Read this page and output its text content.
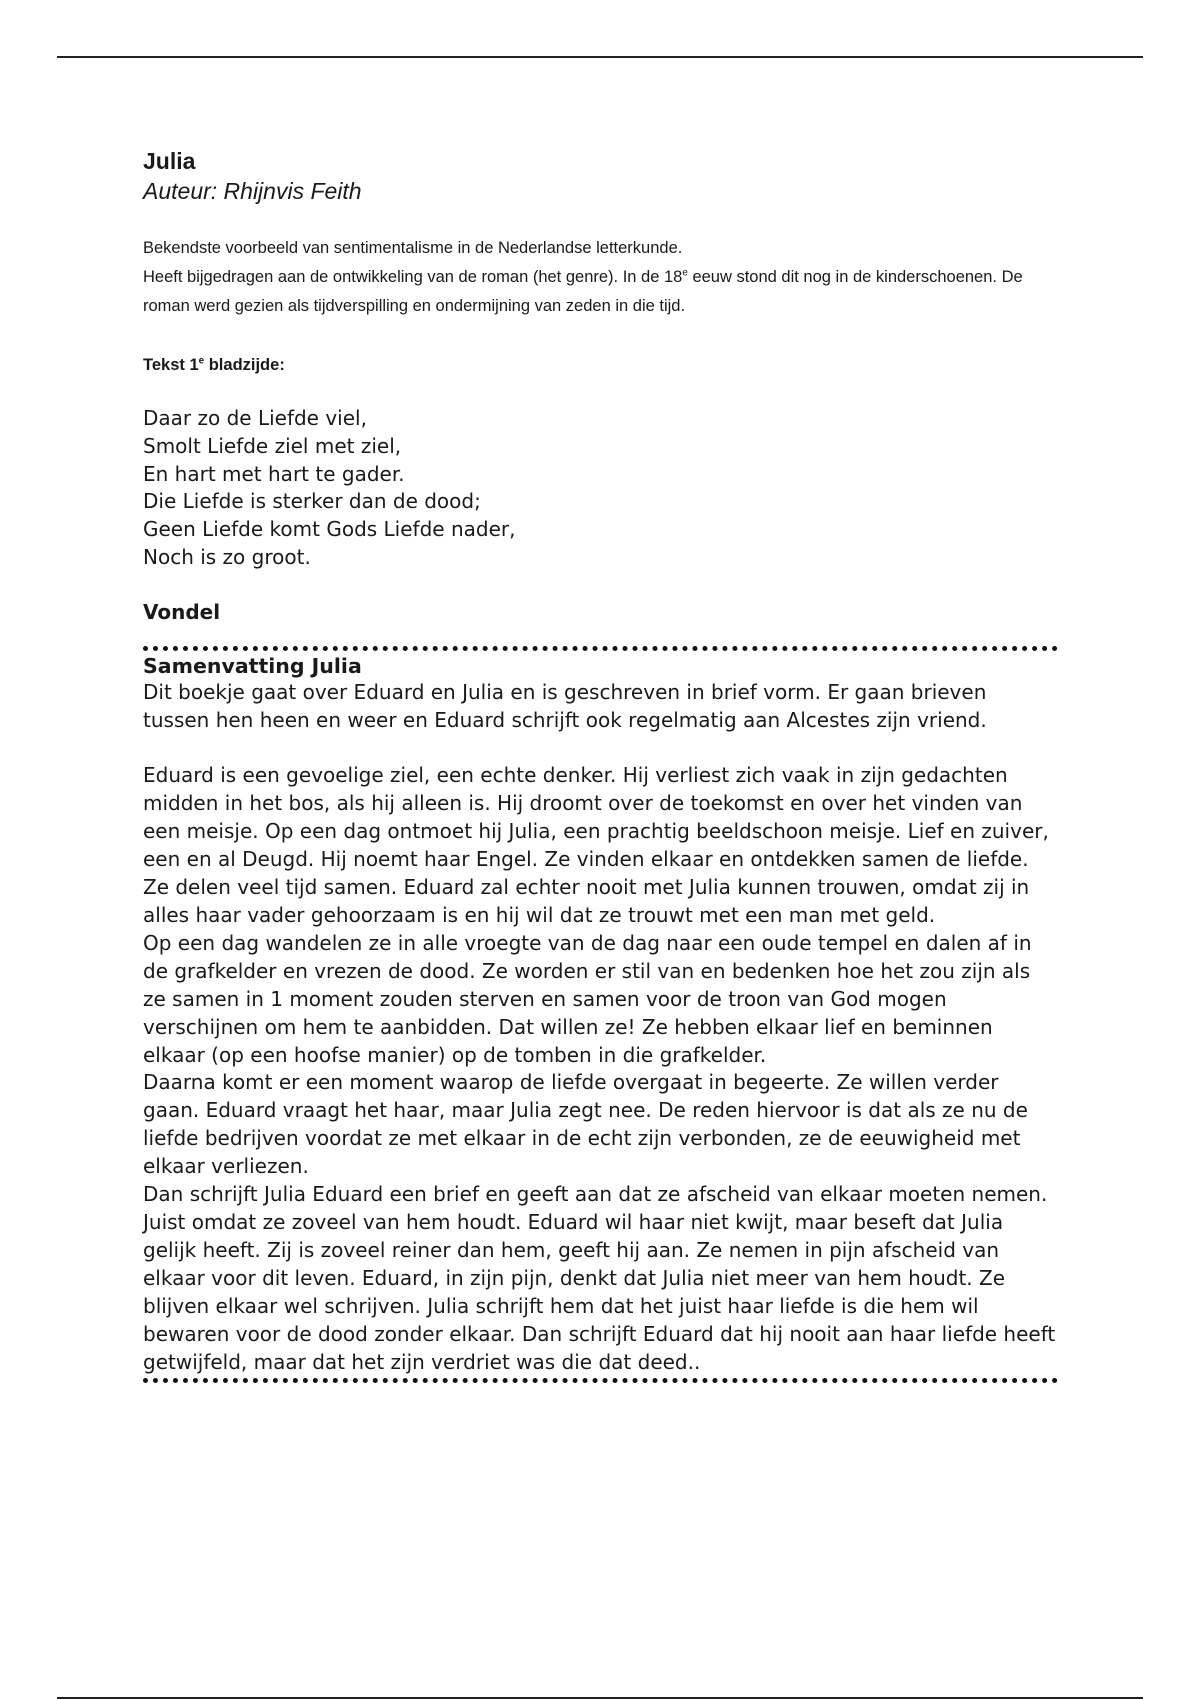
Julia
Auteur: Rhijnvis Feith

Bekendste voorbeeld van sentimentalisme in de Nederlandse letterkunde.

Heeft bijgedragen aan de ontwikkeling van de roman (het genre). In de 18e eeuw stond dit nog in de kinderschoenen. De roman werd gezien als tijdverspilling en ondermijning van zeden in die tijd.

Tekst 1e bladzijde:
Daar zo de Liefde viel,
Smolt Liefde ziel met ziel,
En hart met hart te gader.
Die Liefde is sterker dan de dood;
Geen Liefde komt Gods Liefde nader,
Noch is zo groot.
Vondel
Samenvatting Julia

Dit boekje gaat over Eduard en Julia en is geschreven in brief vorm. Er gaan brieven tussen hen heen en weer en Eduard schrijft ook regelmatig aan Alcestes zijn vriend.

Eduard is een gevoelige ziel, een echte denker. Hij verliest zich vaak in zijn gedachten midden in het bos, als hij alleen is. Hij droomt over de toekomst en over het vinden van een meisje. Op een dag ontmoet hij Julia, een prachtig beeldschoon meisje. Lief en zuiver, een en al Deugd. Hij noemt haar Engel. Ze vinden elkaar en ontdekken samen de liefde. Ze delen veel tijd samen. Eduard zal echter nooit met Julia kunnen trouwen, omdat zij in alles haar vader gehoorzaam is en hij wil dat ze trouwt met een man met geld.

Op een dag wandelen ze in alle vroegte van de dag naar een oude tempel en dalen af in de grafkelder en vrezen de dood. Ze worden er stil van en bedenken hoe het zou zijn als ze samen in 1 moment zouden sterven en samen voor de troon van God mogen verschijnen om hem te aanbidden. Dat willen ze! Ze hebben elkaar lief en beminnen elkaar (op een hoofse manier) op de tomben in die grafkelder.

Daarna komt er een moment waarop de liefde overgaat in begeerte. Ze willen verder gaan. Eduard vraagt het haar, maar Julia zegt nee. De reden hiervoor is dat als ze nu de liefde bedrijven voordat ze met elkaar in de echt zijn verbonden, ze de eeuwigheid met elkaar verliezen.

Dan schrijft Julia Eduard een brief en geeft aan dat ze afscheid van elkaar moeten nemen. Juist omdat ze zoveel van hem houdt. Eduard wil haar niet kwijt, maar beseft dat Julia gelijk heeft. Zij is zoveel reiner dan hem, geeft hij aan. Ze nemen in pijn afscheid van elkaar voor dit leven. Eduard, in zijn pijn, denkt dat Julia niet meer van hem houdt. Ze blijven elkaar wel schrijven. Julia schrijft hem dat het juist haar liefde is die hem wil bewaren voor de dood zonder elkaar. Dan schrijft Eduard dat hij nooit aan haar liefde heeft getwijfeld, maar dat het zijn verdriet was die dat deed..
